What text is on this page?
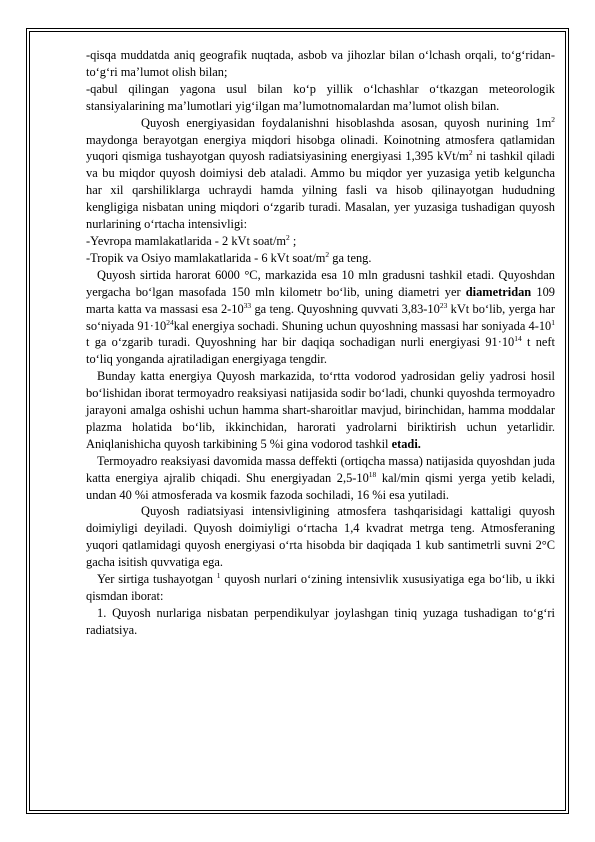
-qisqa muddatda aniq geografik nuqtada, asbob va jihozlar bilan o‘lchash orqali, to‘g‘ridan-to‘g‘ri ma’lumot olish bilan;

-qabul qilingan yagona usul bilan ko‘p yillik o‘lchashlar o‘tkazgan meteorologik stansiyalarining ma’lumotlari yig‘ilgan ma’lumotnomalardan ma’lumot olish bilan.

Quyosh energiyasidan foydalanishni hisoblashda asosan, quyosh nurining $1m^2$ maydonga berayotgan energiya miqdori hisobga olinadi. Koinotning atmosfera qatlamidan yuqori qismiga tushayotgan quyosh radiatsiyasining energiyasi 1,395 kVt/$m^2$ ni tashkil qiladi va bu miqdor quyosh doimiysi deb ataladi. Ammo bu miqdor yer yuzasiga yetib kelguncha har xil qarshiliklarga uchraydi hamda yilning fasli va hisob qilinayotgan hududning kengligiga nisbatan uning miqdori o‘zgarib turadi. Masalan, yer yuzasiga tushadigan quyosh nurlarining o‘rtacha intensivligi:

-Yevropa mamlakatlarida - 2 kVt soat/$m^2$ ;

-Tropik va Osiyo mamlakatlarida - 6 kVt soat/$m^2$ ga teng.

Quyosh sirtida harorat 6000 °C, markazida esa 10 mln gradusni tashkil etadi. Quyoshdan yergacha bo‘lgan masofada 150 mln kilometr bo‘lib, uning diametri yer diametridan 109 marta katta va massasi esa $2-10^{33}$ ga teng. Quyoshning quvvati $3,83-10^{23}$ kVt bo‘lib, yerga har so‘niyada $91\cdot 10^{24}kal$ energiya sochadi. Shuning uchun quyoshning massasi har soniyada $4-10^1$ t ga o‘zgarib turadi. Quyoshning har bir daqiqa sochadigan nurli energiyasi $91\cdot 10^{14}$ t neft to‘liq yonganda ajratiladigan energiyaga tengdir.

Bunday katta energiya Quyosh markazida, to‘rtta vodorod yadrosidan geliy yadrosi hosil bo‘lishidan iborat termoyadro reaksiyasi natijasida sodir bo‘ladi, chunki quyoshda termoyadro jarayoni amalga oshishi uchun hamma shart-sharoitlar mavjud, birinchidan, hamma moddalar plazma holatida bo‘lib, ikkinchidan, harorati yadrolarni biriktirish uchun yetarlidir. Aniqlanishicha quyosh tarkibining 5 %i gina vodorod tashkil etadi.

Termoyadro reaksiyasi davomida massa deffekti (ortiqcha massa) natijasida quyoshdan juda katta energiya ajralib chiqadi. Shu energiyadan $2,5-10^{18}$ kal/min qismi yerga yetib keladi, undan 40 %i atmosferada va kosmik fazoda sochiladi, 16 %i esa yutiladi.

Quyosh radiatsiyasi intensivligining atmosfera tashqarisidagi kattaligi quyosh doimiyligi deyiladi. Quyosh doimiyligi o‘rtacha 1,4 kvadrat metrga teng. Atmosferaning yuqori qatlamidagi quyosh energiyasi o‘rta hisobda bir daqiqada 1 kub santimetrli suvni 2°C gacha isitish quvvatiga ega.

Yer sirtiga tushayotgan $^1$ quyosh nurlari o‘zining intensivlik xususiyatiga ega bo‘lib, u ikki qismdan iborat:

1. Quyosh nurlariga nisbatan perpendikulyar joylashgan tiniq yuzaga tushadigan to‘g‘ri radiatsiya.
